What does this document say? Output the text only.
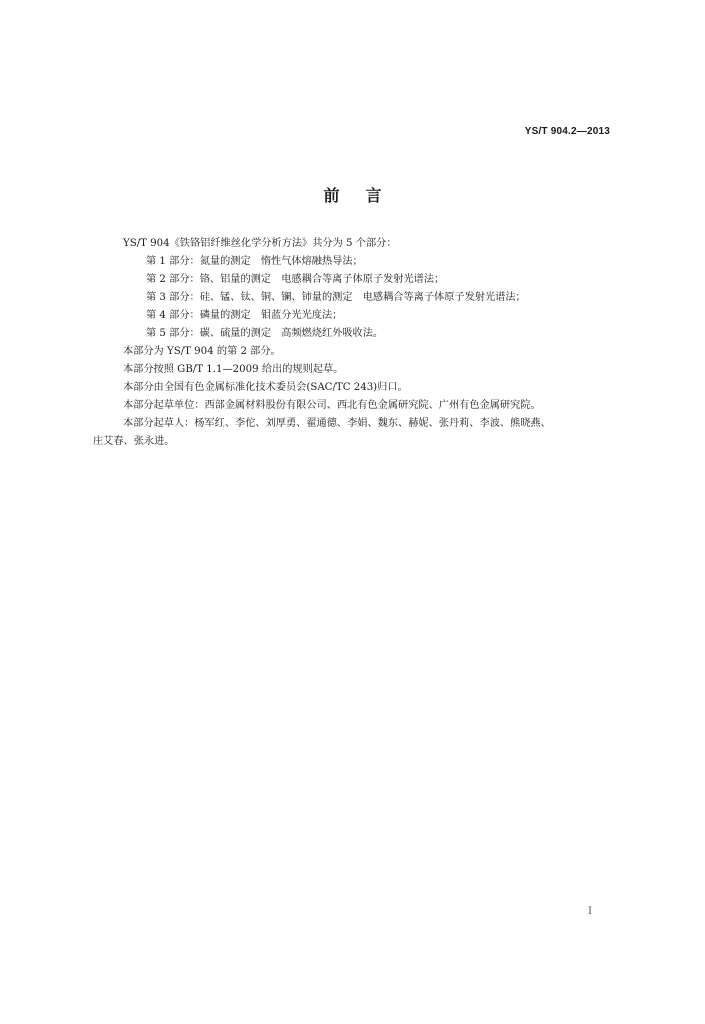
YS/T 904.2—2013
前言
YS/T 904《铁铬铝纤维丝化学分析方法》共分为 5 个部分：
第 1 部分：氮量的测定　惰性气体熔融热导法；
第 2 部分：铬、铝量的测定　电感耦合等离子体原子发射光谱法；
第 3 部分：硅、锰、钛、铜、镧、铈量的测定　电感耦合等离子体原子发射光谱法；
第 4 部分：磷量的测定　钼蓝分光光度法；
第 5 部分：碳、硫量的测定　高频燃烧红外吸收法。
本部分为 YS/T 904 的第 2 部分。
本部分按照 GB/T 1.1—2009 给出的规则起草。
本部分由全国有色金属标准化技术委员会(SAC/TC 243)归口。
本部分起草单位：西部金属材料股份有限公司、西北有色金属研究院、广州有色金属研究院。
本部分起草人：杨军红、李佗、刘厚勇、翟通德、李娟、魏东、赫妮、张丹莉、李波、熊晓燕、
庄艾春、张永进。
I
